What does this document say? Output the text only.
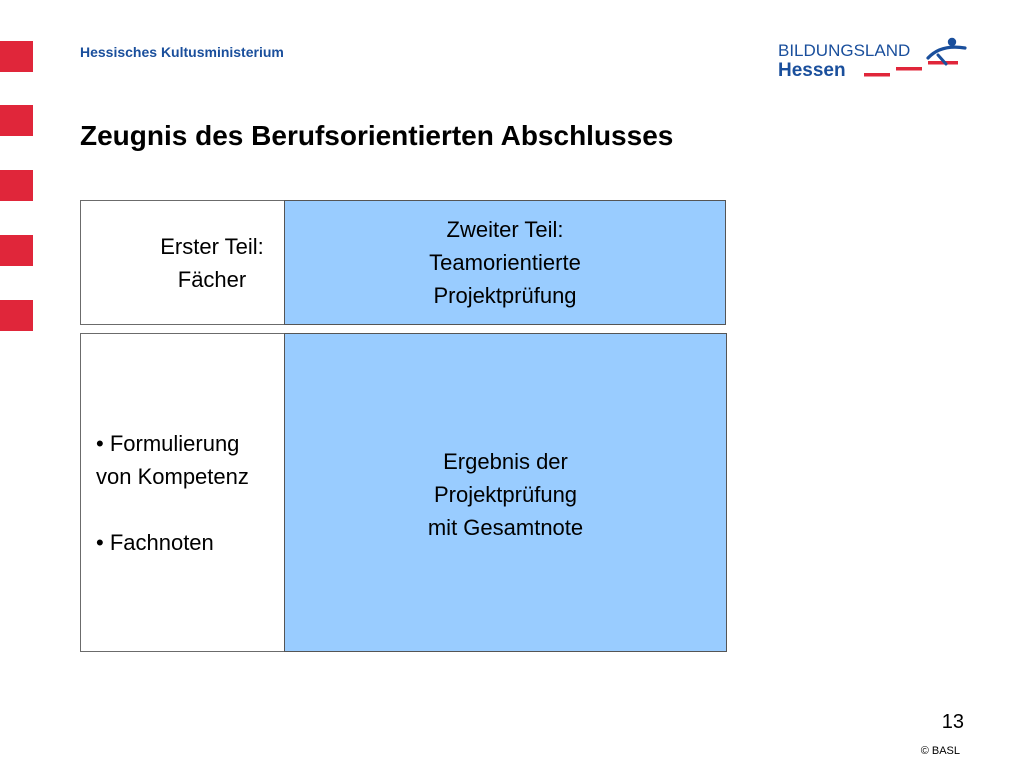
Hessisches Kultusministerium	BILDUNGSLAND
Hessen
Zeugnis des Berufsorientierten Abschlusses
Erster Teil:
Fächer
Zweiter Teil:
Teamorientierte
Projektprüfung
• Formulierung
von Kompetenz

• Fachnoten
Ergebnis der
Projektprüfung
mit Gesamtnote
13
© BASL
